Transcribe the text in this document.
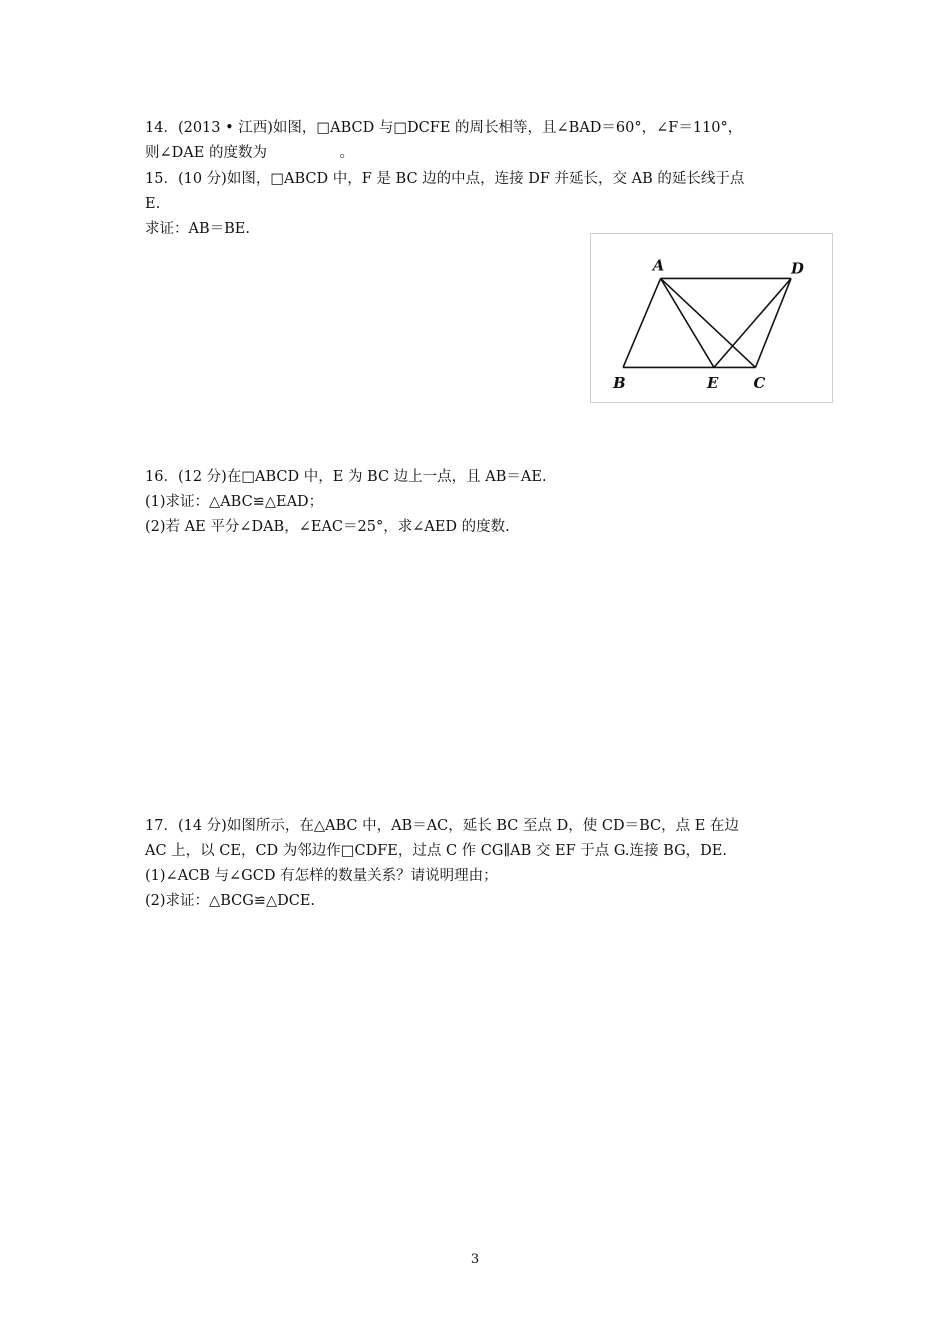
14．(2013 • 江西)如图，□ABCD 与□DCFE 的周长相等，且∠BAD＝60°，∠F＝110°，
则∠DAE 的度数为　　　　　。
15．(10 分)如图，□ABCD 中，F 是 BC 边的中点，连接 DF 并延长，交 AB 的延长线于点
E.
求证：AB＝BE.
A	D
B	E C
16．(12 分)在□ABCD 中，E 为 BC 边上一点，且 AB＝AE.
(1)求证：△ABC≌△EAD；
(2)若 AE 平分∠DAB，∠EAC＝25°，求∠AED 的度数.
17．(14 分)如图所示，在△ABC 中，AB＝AC，延长 BC 至点 D，使 CD＝BC，点 E 在边
AC 上，以 CE，CD 为邻边作□CDFE，过点 C 作 CG∥AB 交 EF 于点 G.连接 BG，DE.
(1)∠ACB 与∠GCD 有怎样的数量关系？请说明理由；
(2)求证：△BCG≌△DCE.
3
